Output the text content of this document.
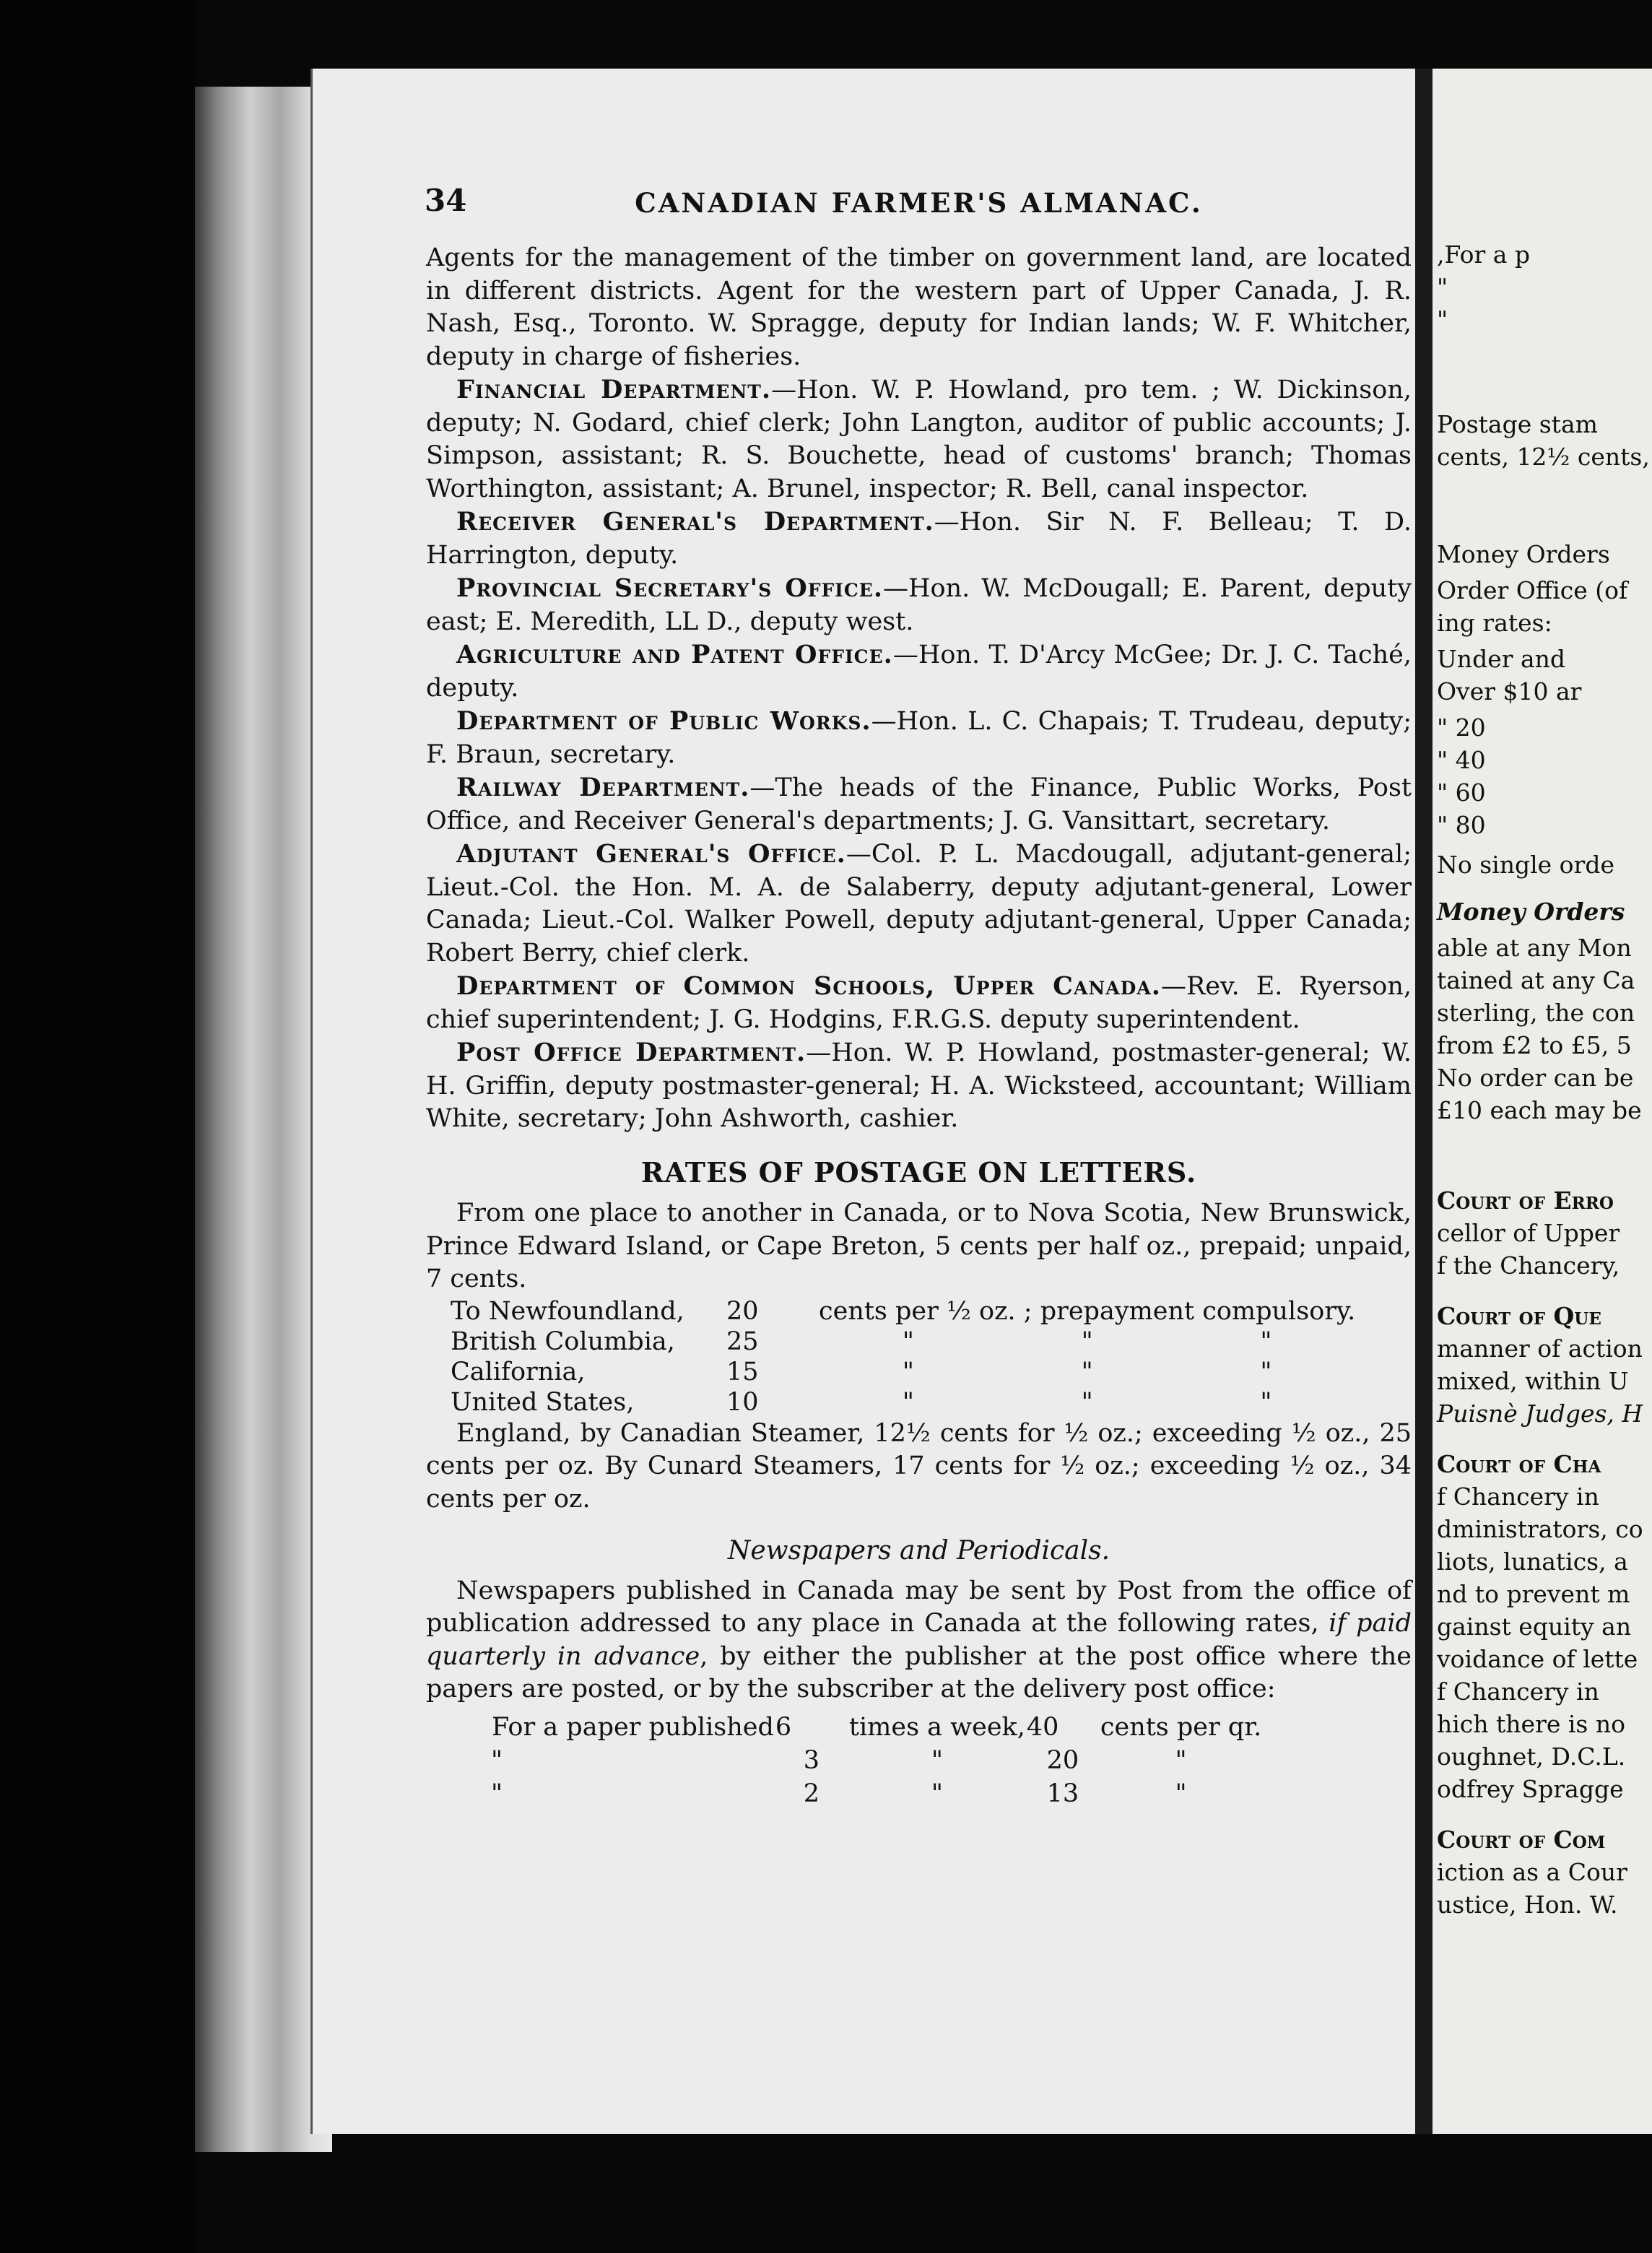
,For a p
"
"
Postage stam
cents, 12½ cents,
Money Orders
Order Office (of
ing rates:
Under and
Over $10 ar
" 20
" 40
" 60
" 80
No single orde
Money Orders
able at any Mon
tained at any Ca
sterling, the con
from £2 to £5, 5
No order can be
£10 each may be
Court of Erro
cellor of Upper
f the Chancery,
Court of Que
manner of action
mixed, within U
Puisnè Judges, H
Court of Cha
f Chancery in
dministrators, co
liots, lunatics, a
nd to prevent m
gainst equity an
voidance of lette
f Chancery in
hich there is no
oughnet, D.C.L.
odfrey Spragge
Court of Com
iction as a Cour
ustice, Hon. W.
34	CANADIAN FARMER'S ALMANAC.

Agents for the management of the timber on government land, are located in different districts. Agent for the western part of Upper Canada, J. R. Nash, Esq., Toronto. W. Spragge, deputy for Indian lands; W. F. Whitcher, deputy in charge of fisheries.

Financial Department.—Hon. W. P. Howland, pro tem. ; W. Dickinson, deputy; N. Godard, chief clerk; John Langton, auditor of public accounts; J. Simpson, assistant; R. S. Bouchette, head of customs' branch; Thomas Worthington, assistant; A. Brunel, inspector; R. Bell, canal inspector.

Receiver General's Department.—Hon. Sir N. F. Belleau; T. D. Harrington, deputy.

Provincial Secretary's Office.—Hon. W. McDougall; E. Parent, deputy east; E. Meredith, LL D., deputy west.

Agriculture and Patent Office.—Hon. T. D'Arcy McGee; Dr. J. C. Taché, deputy.

Department of Public Works.—Hon. L. C. Chapais; T. Trudeau, deputy; F. Braun, secretary.

Railway Department.—The heads of the Finance, Public Works, Post Office, and Receiver General's departments; J. G. Vansittart, secretary.

Adjutant General's Office.—Col. P. L. Macdougall, adjutant-general; Lieut.-Col. the Hon. M. A. de Salaberry, deputy adjutant-general, Lower Canada; Lieut.-Col. Walker Powell, deputy adjutant-general, Upper Canada; Robert Berry, chief clerk.

Department of Common Schools, Upper Canada.—Rev. E. Ryerson, chief superintendent; J. G. Hodgins, F.R.G.S. deputy superintendent.

Post Office Department.—Hon. W. P. Howland, postmaster-general; W. H. Griffin, deputy postmaster-general; H. A. Wicksteed, accountant; William White, secretary; John Ashworth, cashier.

RATES OF POSTAGE ON LETTERS.

From one place to another in Canada, or to Nova Scotia, New Brunswick, Prince Edward Island, or Cape Breton, 5 cents per half oz., prepaid; unpaid, 7 cents.

To Newfoundland,	20	cents per ½ oz. ; prepayment compulsory.		
British Columbia,	25	"	"	"
California,	15	"	"	"
United States,	10	"	"	"

England, by Canadian Steamer, 12½ cents for ½ oz.; exceeding ½ oz., 25 cents per oz. By Cunard Steamers, 17 cents for ½ oz.; exceeding ½ oz., 34 cents per oz.

Newspapers and Periodicals.

Newspapers published in Canada may be sent by Post from the office of publication addressed to any place in Canada at the following rates, if paid quarterly in advance, by either the publisher at the post office where the papers are posted, or by the subscriber at the delivery post office:

For a paper published	6	times a week,	40	cents per qr.
"	3	"	20	"
"	2	"	13	"
